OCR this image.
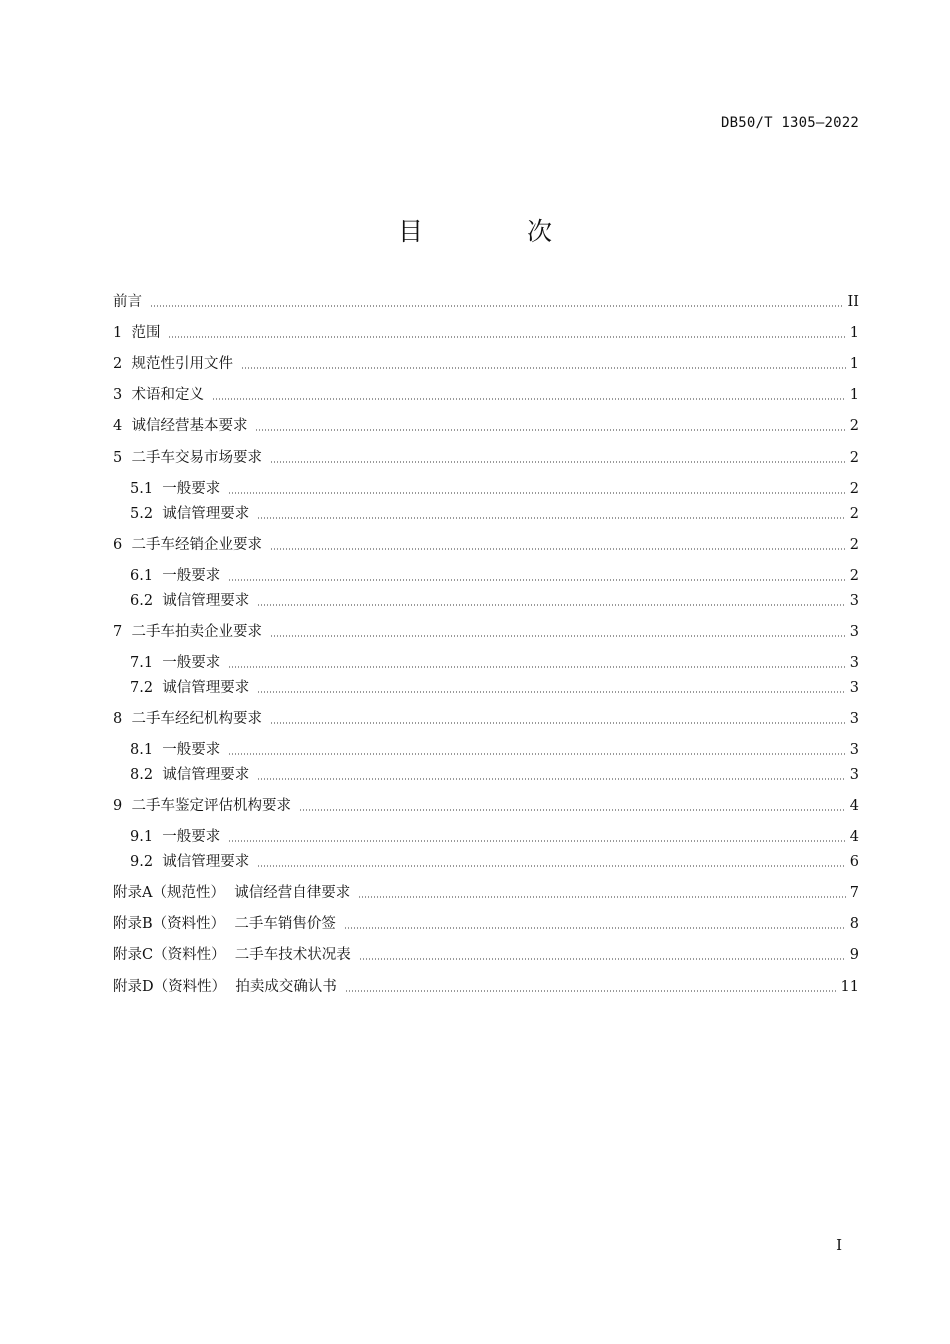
DB50/T 1305—2022
目 次
前言	II
1  范围	1
2  规范性引用文件	1
3  术语和定义	1
4  诚信经营基本要求	2
5  二手车交易市场要求	2
5.1  一般要求	2
5.2  诚信管理要求	2
6  二手车经销企业要求	2
6.1  一般要求	2
6.2  诚信管理要求	3
7  二手车拍卖企业要求	3
7.1  一般要求	3
7.2  诚信管理要求	3
8  二手车经纪机构要求	3
8.1  一般要求	3
8.2  诚信管理要求	3
9  二手车鉴定评估机构要求	4
9.1  一般要求	4
9.2  诚信管理要求	6
附录A（规范性）  诚信经营自律要求	7
附录B（资料性）  二手车销售价签	8
附录C（资料性）  二手车技术状况表	9
附录D（资料性）  拍卖成交确认书	11
I
